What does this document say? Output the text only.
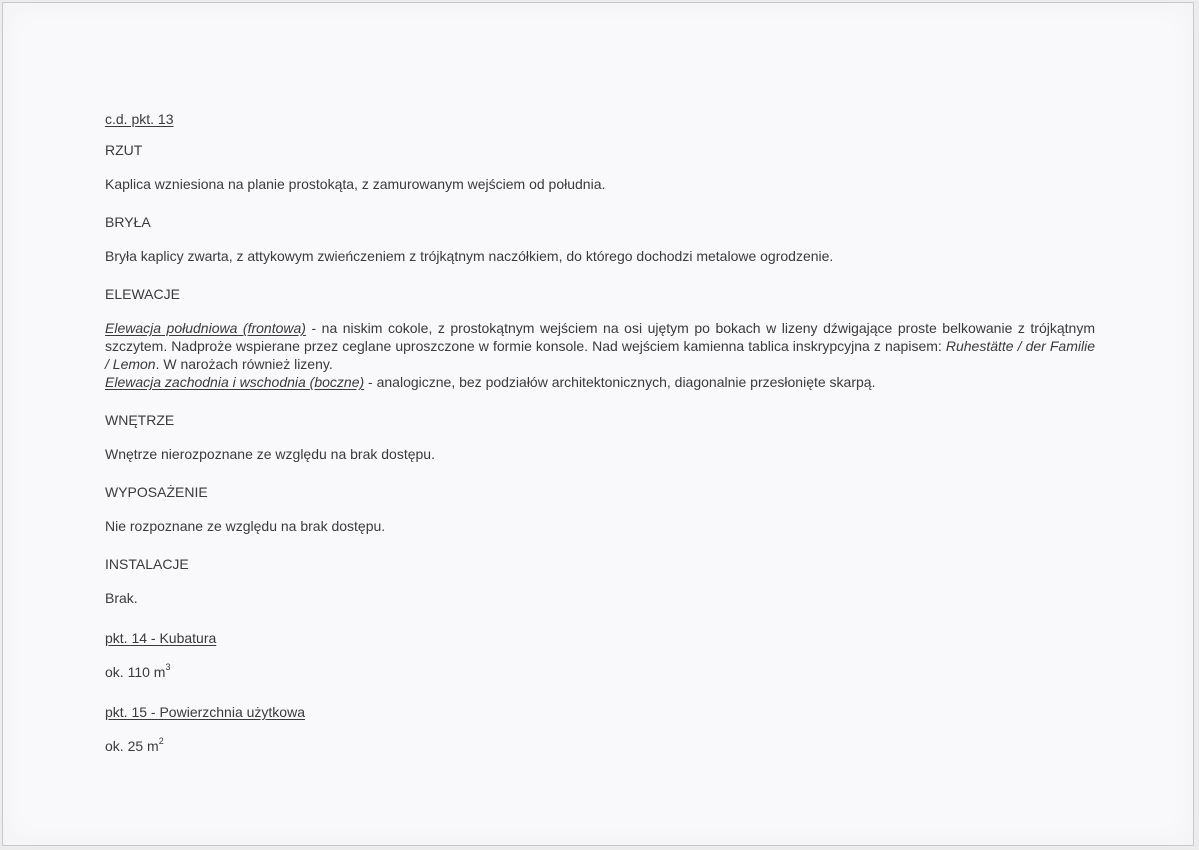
c.d. pkt. 13

RZUT

Kaplica wzniesiona na planie prostokąta, z zamurowanym wejściem od południa.

BRYŁA

Bryła kaplicy zwarta, z attykowym zwieńczeniem z trójkątnym naczółkiem, do którego dochodzi metalowe ogrodzenie.

ELEWACJE

Elewacja południowa (frontowa) - na niskim cokole, z prostokątnym wejściem na osi ujętym po bokach w lizeny dźwigające proste belkowanie z trójkątnym szczytem. Nadproże wspierane przez ceglane uproszczone w formie konsole. Nad wejściem kamienna tablica inskrypcyjna z napisem: Ruhestätte / der Familie / Lemon. W narożach również lizeny.

Elewacja zachodnia i wschodnia (boczne) - analogiczne, bez podziałów architektonicznych, diagonalnie przesłonięte skarpą.

WNĘTRZE

Wnętrze nierozpoznane ze względu na brak dostępu.

WYPOSAŻENIE

Nie rozpoznane ze względu na brak dostępu.

INSTALACJE

Brak.

pkt. 14 - Kubatura

ok. 110 $m^3$

pkt. 15 - Powierzchnia użytkowa

ok. 25 $m^2$
